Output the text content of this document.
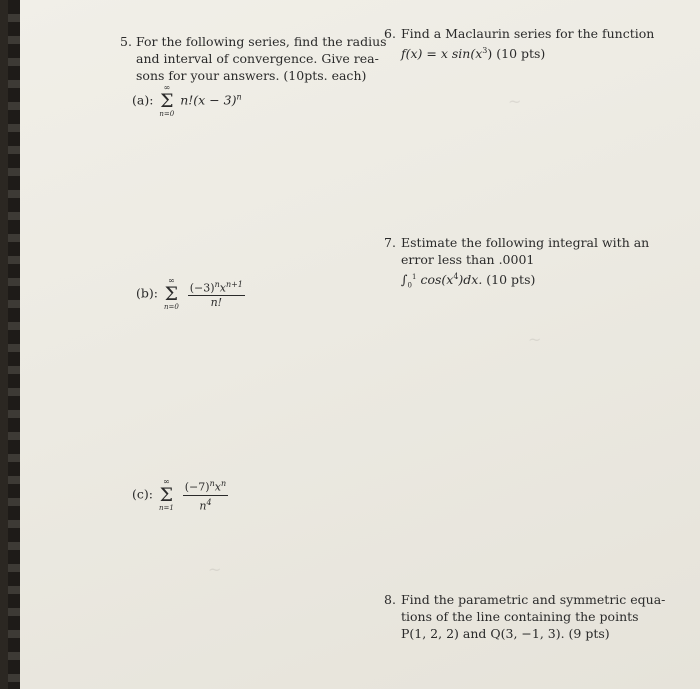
~
~
~
5. For the following series, find the radius
and interval of convergence. Give rea-
sons for your answers. (10pts. each)
(a):
∞
Σ
n=0
$n!(x - 3)^n$
(b):
∞
Σ
n=0
$\frac{(-3)^nx^{n+1}}{n!}$
(c):
∞
Σ
n=1
$\frac{(-7)^nx^n}{n^4}$
6. Find a Maclaurin series for the function
f(x) = x $\sin(x^3)$ (10 pts)
7. Estimate the following integral with an
error less than .0001
$\int_0^1$ $\cos(x^4)dx$. (10 pts)
8. Find the parametric and symmetric equa-
tions of the line containing the points
P(1, 2, 2) and Q(3, −1, 3). (9 pts)
